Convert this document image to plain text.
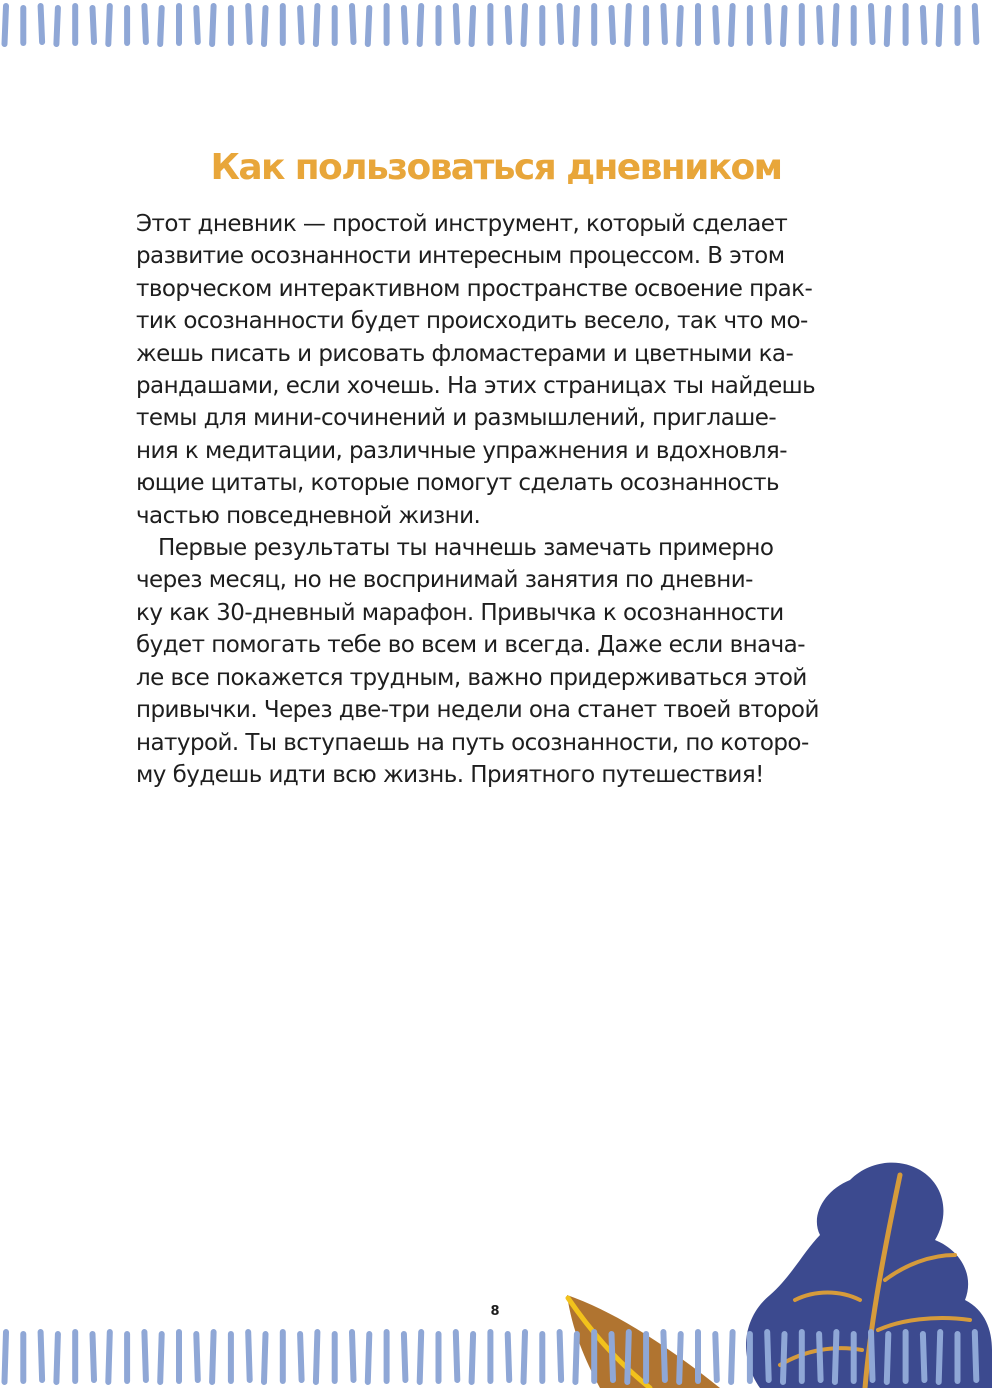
Как пользоваться дневником
Этот дневник — простой инструмент, который сделает
развитие осознанности интересным процессом. В этом
творческом интерактивном пространстве освоение прак-
тик осознанности будет происходить весело, так что мо-
жешь писать и рисовать фломастерами и цветными ка-
рандашами, если хочешь. На этих страницах ты найдешь
темы для мини-сочинений и размышлений, приглаше-
ния к медитации, различные упражнения и вдохновля-
ющие цитаты, которые помогут сделать осознанность
частью повседневной жизни.
Первые результаты ты начнешь замечать примерно
через месяц, но не воспринимай занятия по дневни-
ку как 30-дневный марафон. Привычка к осознанности
будет помогать тебе во всем и всегда. Даже если внача-
ле все покажется трудным, важно придерживаться этой
привычки. Через две-три недели она станет твоей второй
натурой. Ты вступаешь на путь осознанности, по которо-
му будешь идти всю жизнь. Приятного путешествия!
8
